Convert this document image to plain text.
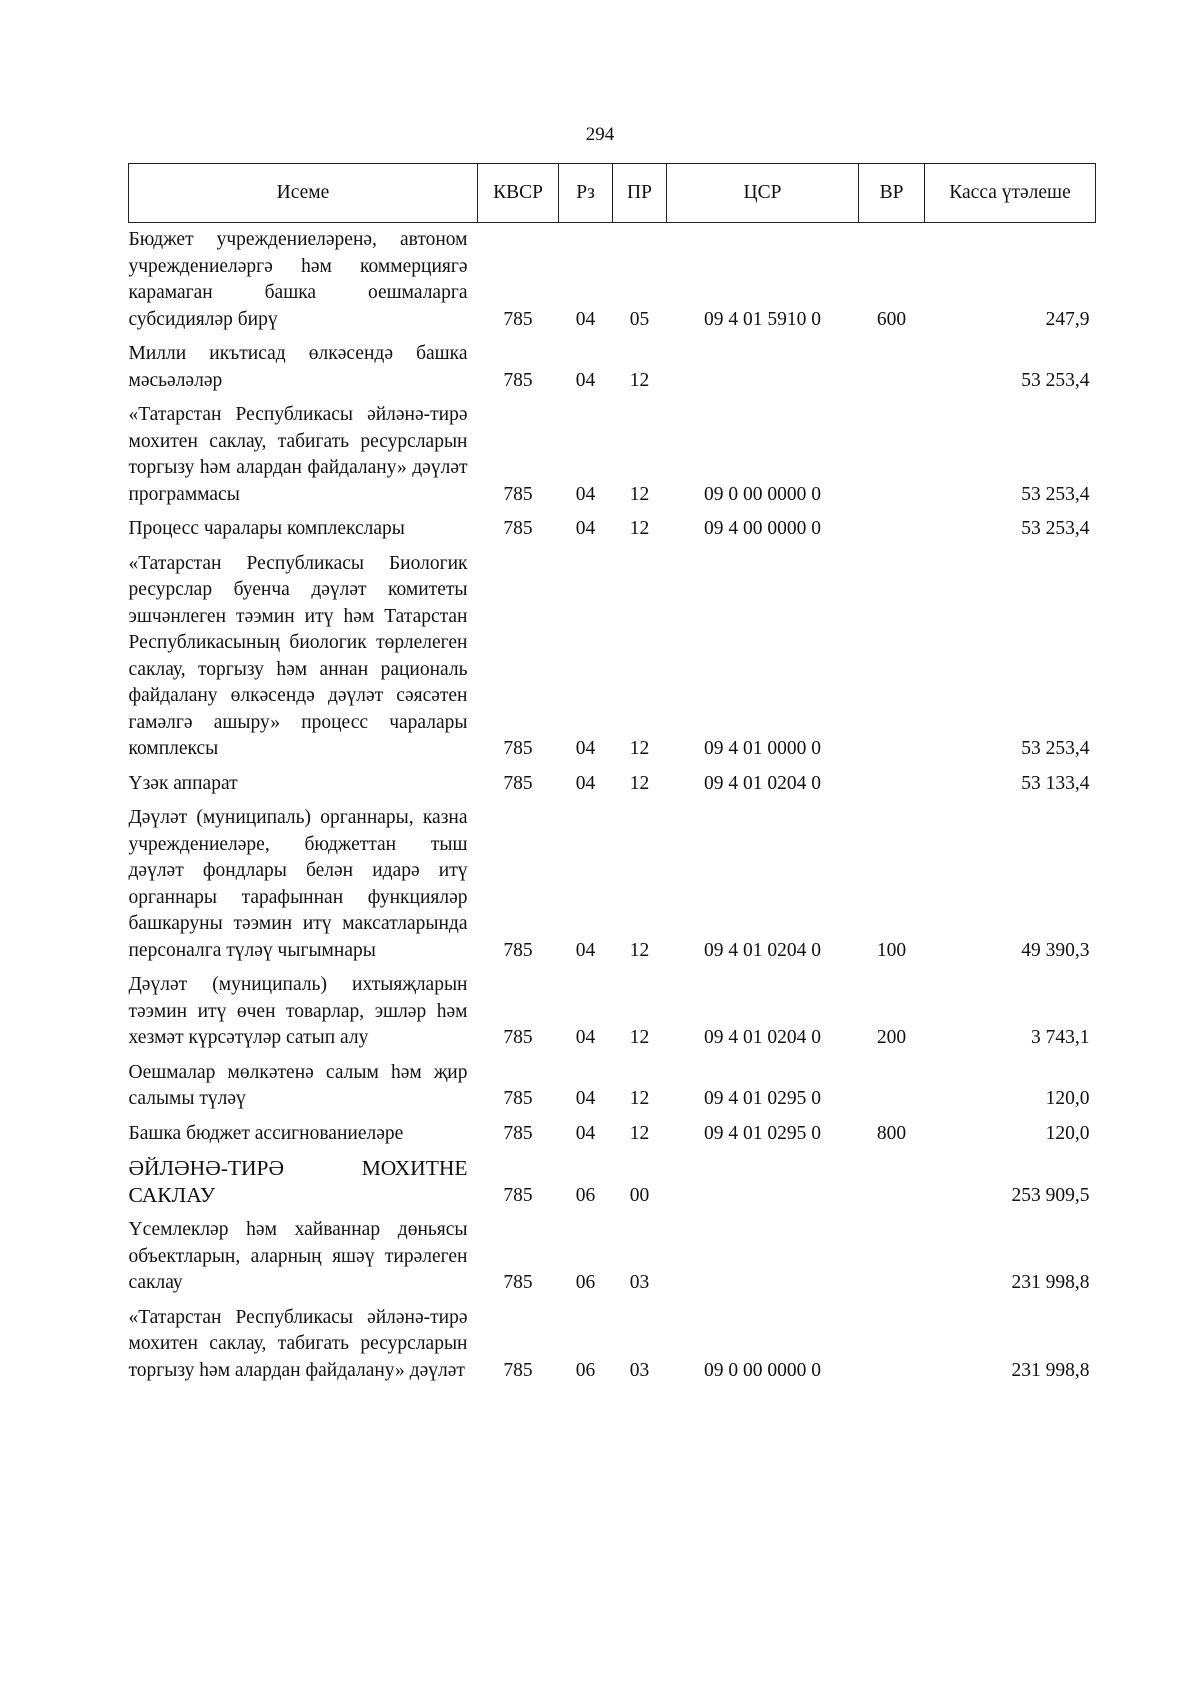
294
Исеме	КВСР	Рз	ПР	ЦСР	ВР	Касса үтәлеше
Бюджет учреждениеләренә, автоном учреждениеләргә һәм коммерциягә карамаган башка оешмаларга субсидияләр бирү	785	04	05	09 4 01 5910 0	600	247,9
Милли икътисад өлкәсендә башка мәсьәләләр	785	04	12			53 253,4
«Татарстан Республикасы әйләнә-тирә мохитен саклау, табигать ресурсларын торгызу һәм алардан файдалану» дәүләт программасы	785	04	12	09 0 00 0000 0		53 253,4
Процесс чаралары комплекслары	785	04	12	09 4 00 0000 0		53 253,4
«Татарстан Республикасы Биологик ресурслар буенча дәүләт комитеты эшчәнлеген тәэмин итү һәм Татарстан Республикасының биологик төрлелеген саклау, торгызу һәм аннан рациональ файдалану өлкәсендә дәүләт сәясәтен гамәлгә ашыру» процесс чаралары комплексы	785	04	12	09 4 01 0000 0		53 253,4
Үзәк аппарат	785	04	12	09 4 01 0204 0		53 133,4
Дәүләт (муниципаль) органнары, казна учреждениеләре, бюджеттан тыш дәүләт фондлары белән идарә итү органнары тарафыннан функцияләр башкаруны тәэмин итү максатларында персоналга түләү чыгымнары	785	04	12	09 4 01 0204 0	100	49 390,3
Дәүләт (муниципаль) ихтыяҗларын тәэмин итү өчен товарлар, эшләр һәм хезмәт күрсәтүләр сатып алу	785	04	12	09 4 01 0204 0	200	3 743,1
Оешмалар мөлкәтенә салым һәм җир салымы түләү	785	04	12	09 4 01 0295 0		120,0
Башка бюджет ассигнованиеләре	785	04	12	09 4 01 0295 0	800	120,0
ӘЙЛӘНӘ-ТИРӘ МОХИТНЕ САКЛАУ	785	06	00			253 909,5
Үсемлекләр һәм хайваннар дөньясы объектларын, аларның яшәү тирәлеген саклау	785	06	03			231 998,8
«Татарстан Республикасы әйләнә-тирә мохитен саклау, табигать ресурсларын торгызу һәм алардан файдалану» дәүләт	785	06	03	09 0 00 0000 0		231 998,8
